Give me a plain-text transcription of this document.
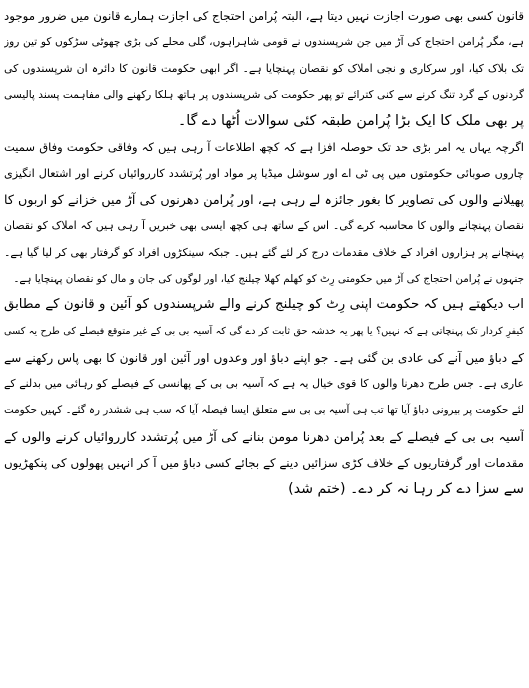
قانون کسی بھی صورت اجازت نہیں دیتا ہے، البتہ پُرامن احتجاج کی اجازت ہمارے قانون میں ضرور موجود
ہے، مگر پُرامن احتجاج کی آڑ میں جن شرپسندوں نے قومی شاہراہوں، گلی محلے کی بڑی چھوٹی سڑکوں کو تین روز
تک بلاک کیا، اور سرکاری و نجی املاک کو نقصان پہنچایا ہے۔ اگر ابھی حکومت قانون کا دائرہ ان شرپسندوں کی
گردنوں کے گرد تنگ کرنے سے کنی کترائے تو پھر حکومت کی شرپسندوں پر ہاتھ ہلکا رکھنے والی مفاہمت پسند پالیسی
پر بھی ملک کا ایک بڑا پُرامن طبقہ کئی سوالات اُٹھا دے گا۔
اگرچہ یہاں یہ امر بڑی حد تک حوصلہ افزا ہے کہ کچھ اطلاعات آ رہی ہیں کہ وفاقی حکومت وفاق سمیت
چاروں صوبائی حکومتوں میں پی ٹی اے اور سوشل میڈیا پر مواد اور پُرتشدد کارروائیاں کرنے اور اشتعال انگیزی
پھیلانے والوں کی تصاویر کا بغور جائزہ لے رہی ہے، اور پُرامن دھرنوں کی آڑ میں خزانے کو اربوں کا
نقصان پہنچانے والوں کا محاسبہ کرے گی۔ اس کے ساتھ ہی کچھ ایسی بھی خبریں آ رہی ہیں کہ املاک کو نقصان
پہنچانے پر ہزاروں افراد کے خلاف مقدمات درج کر لئے گئے ہیں۔ جبکہ سینکڑوں افراد کو گرفتار بھی کر لیا گیا ہے۔
جنہوں نے پُرامن احتجاج کی آڑ میں حکومتی رِٹ کو کھلم کھلا چیلنج کیا، اور لوگوں کی جان و مال کو نقصان پہنچایا ہے۔
اب دیکھتے ہیں کہ حکومت اپنی رِٹ کو چیلنج کرنے والے شرپسندوں کو آئین و قانون کے مطابق
کیفرِ کردار تک پہنچاتی ہے کہ نہیں؟ یا پھر یہ خدشہ حق ثابت کر دے گی کہ آسیہ بی بی کے غیر متوقع فیصلے کی طرح یہ کسی
کے دباؤ میں آنے کی عادی بن گئی ہے۔ جو اپنے دباؤ اور وعدوں اور آئین اور قانون کا بھی پاس رکھنے سے
عاری ہے۔ جس طرح دھرنا والوں کا قوی خیال یہ ہے کہ آسیہ بی بی کے پھانسی کے فیصلے کو رہائی میں بدلنے کے
لئے حکومت پر بیرونی دباؤ آیا تھا تب ہی آسیہ بی بی سے متعلق ایسا فیصلہ آیا کہ سب ہی ششدر رہ گئے۔ کہیں حکومت
آسیہ بی بی کے فیصلے کے بعد پُرامن دھرنا مومن بنانے کی آڑ میں پُرتشدد کارروائیاں کرنے والوں کے
مقدمات اور گرفتاریوں کے خلاف کڑی سزائیں دینے کے بجائے کسی دباؤ میں آ کر انہیں پھولوں کی پنکھڑیوں
سے سزا دے کر رہا نہ کر دے۔ (ختم شد)
